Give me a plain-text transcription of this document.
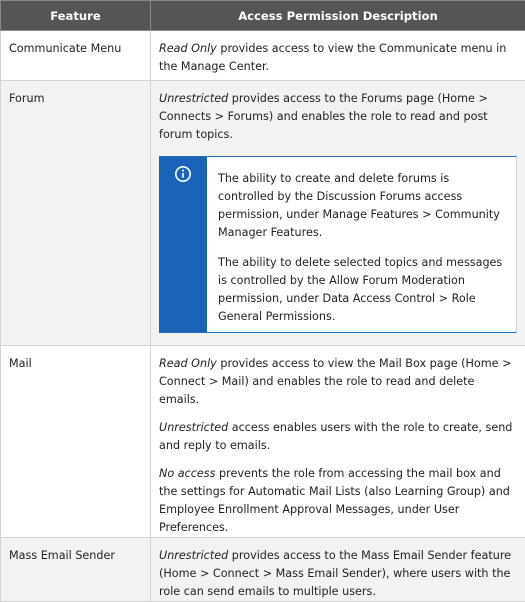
Feature	Access Permission Description
Communicate Menu	Read Only provides access to view the Communicate menu in the Manage Center.

Forum	Unrestricted provides access to the Forums page (Home > Connects > Forums) and enables the role to read and post forum topics.

The ability to create and delete forums is controlled by the Discussion Forums access permission, under Manage Features > Community Manager Features.

The ability to delete selected topics and messages is controlled by the Allow Forum Moderation permission, under Data Access Control > Role General Permissions.

Mail	Read Only provides access to view the Mail Box page (Home > Connect > Mail) and enables the role to read and delete emails.

Unrestricted access enables users with the role to create, send and reply to emails.

No access prevents the role from accessing the mail box and the settings for Automatic Mail Lists (also Learning Group) and Employee Enrollment Approval Messages, under User Preferences.

Mass Email Sender	Unrestricted provides access to the Mass Email Sender feature (Home > Connect > Mass Email Sender), where users with the role can send emails to multiple users.
